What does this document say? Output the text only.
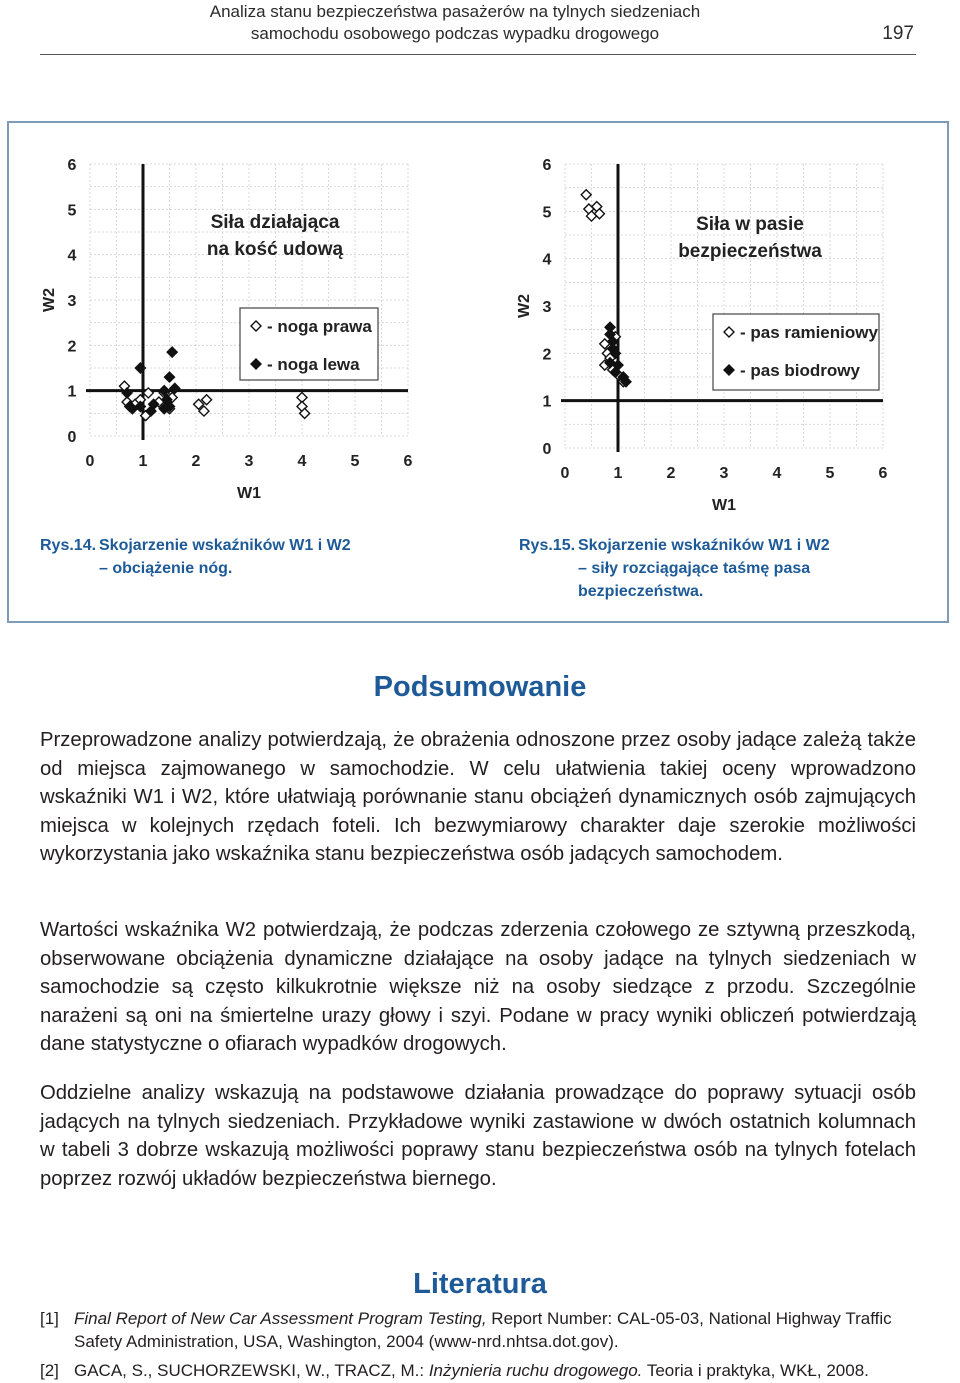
Analiza stanu bezpieczeństwa pasażerów na tylnych siedzeniach
samochodu osobowego podczas wypadku drogowego	197
0	1	2	3	4	5	6
0
1
2
3
4
5
6
W1
W2
Siła działająca
na kość udową
- noga prawa
- noga lewa
0	1	2	3	4	5	6
0
1
2
3
4
5
6
W1
W2
Siła w pasie
bezpieczeństwa
- pas ramieniowy
- pas biodrowy
Rys.14. Skojarzenie wskaźników W1 i W2
– obciążenie nóg.
Rys.15. Skojarzenie wskaźników W1 i W2
– siły rozciągające taśmę pasa
bezpieczeństwa.
Podsumowanie

Przeprowadzone analizy potwierdzają, że obrażenia odnoszone przez osoby jadące zależą także od miejsca zajmowanego w samochodzie. W celu ułatwienia takiej oceny wprowadzono wskaźniki W1 i W2, które ułatwiają porównanie stanu obciążeń dynamicznych osób zajmujących miejsca w kolejnych rzędach foteli. Ich bezwymiarowy charakter daje szerokie możliwości wykorzystania jako wskaźnika stanu bezpieczeństwa osób jadących samochodem.

Wartości wskaźnika W2 potwierdzają, że podczas zderzenia czołowego ze sztywną przeszkodą, obserwowane obciążenia dynamiczne działające na osoby jadące na tylnych siedzeniach w samochodzie są często kilkukrotnie większe niż na osoby siedzące z przodu. Szczególnie narażeni są oni na śmiertelne urazy głowy i szyi. Podane w pracy wyniki obliczeń potwierdzają dane statystyczne o ofiarach wypadków drogowych.

Oddzielne analizy wskazują na podstawowe działania prowadzące do poprawy sytuacji osób jadących na tylnych siedzeniach. Przykładowe wyniki zastawione w dwóch ostatnich kolumnach w tabeli 3 dobrze wskazują możliwości poprawy stanu bezpieczeństwa osób na tylnych fotelach poprzez rozwój układów bezpieczeństwa biernego.

Literatura
[1] Final Report of New Car Assessment Program Testing, Report Number: CAL-05-03, National Highway Traffic Safety Administration, USA, Washington, 2004 (www-nrd.nhtsa.dot.gov).
[2] GACA, S., SUCHORZEWSKI, W., TRACZ, M.: Inżynieria ruchu drogowego. Teoria i praktyka, WKŁ, 2008.
